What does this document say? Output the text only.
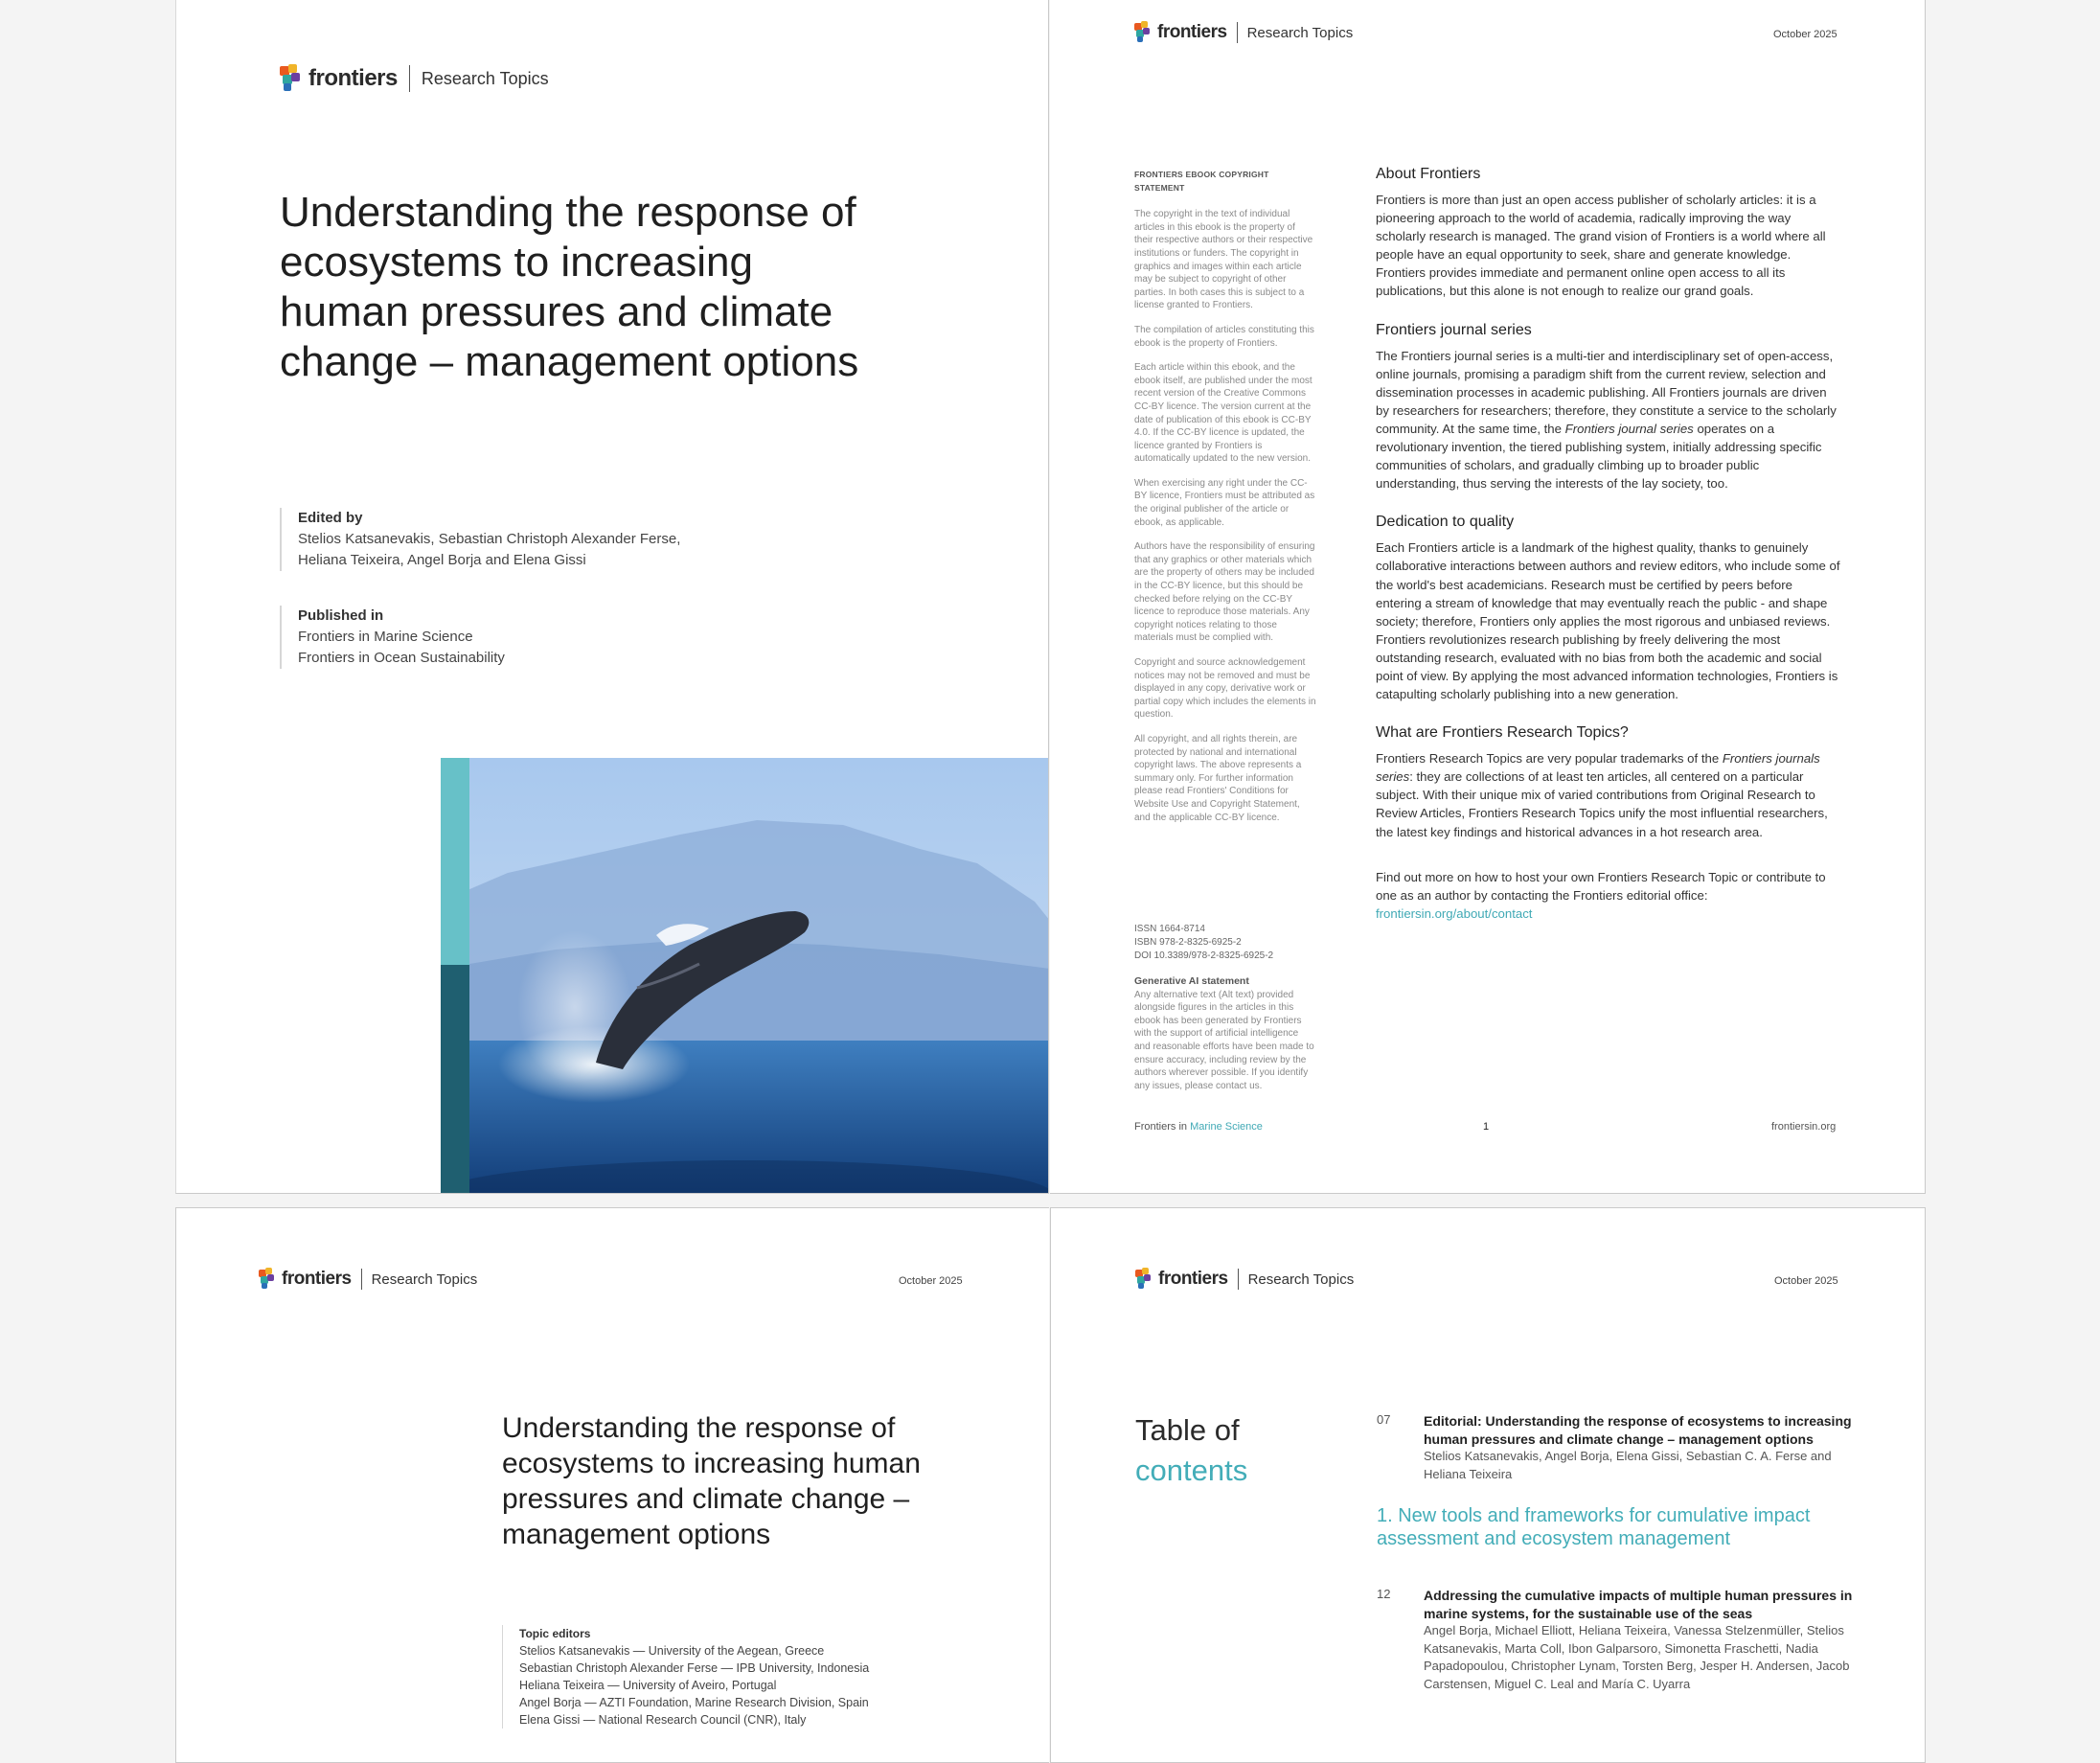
frontiers Research Topics
Understanding the response of ecosystems to increasing human pressures and climate change – management options
Edited by
Stelios Katsanevakis, Sebastian Christoph Alexander Ferse,
Heliana Teixeira, Angel Borja and Elena Gissi
Published in
Frontiers in Marine Science
Frontiers in Ocean Sustainability
frontiers Research Topics	October 2025
FRONTIERS EBOOK COPYRIGHT STATEMENT

The copyright in the text of individual articles in this ebook is the property of their respective authors or their respective institutions or funders. The copyright in graphics and images within each article may be subject to copyright of other parties. In both cases this is subject to a license granted to Frontiers.

The compilation of articles constituting this ebook is the property of Frontiers.

Each article within this ebook, and the ebook itself, are published under the most recent version of the Creative Commons CC-BY licence. The version current at the date of publication of this ebook is CC-BY 4.0. If the CC-BY licence is updated, the licence granted by Frontiers is automatically updated to the new version.

When exercising any right under the CC-BY licence, Frontiers must be attributed as the original publisher of the article or ebook, as applicable.

Authors have the responsibility of ensuring that any graphics or other materials which are the property of others may be included in the CC-BY licence, but this should be checked before relying on the CC-BY licence to reproduce those materials. Any copyright notices relating to those materials must be complied with.

Copyright and source acknowledgement notices may not be removed and must be displayed in any copy, derivative work or partial copy which includes the elements in question.

All copyright, and all rights therein, are protected by national and international copyright laws. The above represents a summary only. For further information please read Frontiers' Conditions for Website Use and Copyright Statement, and the applicable CC-BY licence.

ISSN 1664-8714
ISBN 978-2-8325-6925-2
DOI 10.3389/978-2-8325-6925-2
Generative AI statement
Any alternative text (Alt text) provided alongside figures in the articles in this ebook has been generated by Frontiers with the support of artificial intelligence and reasonable efforts have been made to ensure accuracy, including review by the authors wherever possible. If you identify any issues, please contact us.
About Frontiers

Frontiers is more than just an open access publisher of scholarly articles: it is a pioneering approach to the world of academia, radically improving the way scholarly research is managed. The grand vision of Frontiers is a world where all people have an equal opportunity to seek, share and generate knowledge. Frontiers provides immediate and permanent online open access to all its publications, but this alone is not enough to realize our grand goals.

Frontiers journal series

The Frontiers journal series is a multi-tier and interdisciplinary set of open-access, online journals, promising a paradigm shift from the current review, selection and dissemination processes in academic publishing. All Frontiers journals are driven by researchers for researchers; therefore, they constitute a service to the scholarly community. At the same time, the Frontiers journal series operates on a revolutionary invention, the tiered publishing system, initially addressing specific communities of scholars, and gradually climbing up to broader public understanding, thus serving the interests of the lay society, too.

Dedication to quality

Each Frontiers article is a landmark of the highest quality, thanks to genuinely collaborative interactions between authors and review editors, who include some of the world's best academicians. Research must be certified by peers before entering a stream of knowledge that may eventually reach the public - and shape society; therefore, Frontiers only applies the most rigorous and unbiased reviews. Frontiers revolutionizes research publishing by freely delivering the most outstanding research, evaluated with no bias from both the academic and social point of view. By applying the most advanced information technologies, Frontiers is catapulting scholarly publishing into a new generation.

What are Frontiers Research Topics?

Frontiers Research Topics are very popular trademarks of the Frontiers journals series: they are collections of at least ten articles, all centered on a particular subject. With their unique mix of varied contributions from Original Research to Review Articles, Frontiers Research Topics unify the most influential researchers, the latest key findings and historical advances in a hot research area.

Find out more on how to host your own Frontiers Research Topic or contribute to one as an author by contacting the Frontiers editorial office:

frontiersin.org/about/contact
Frontiers in Marine Science	1	frontiersin.org
frontiers Research Topics	October 2025
Understanding the response of ecosystems to increasing human pressures and climate change – management options
Topic editors
Stelios Katsanevakis — University of the Aegean, Greece
Sebastian Christoph Alexander Ferse — IPB University, Indonesia
Heliana Teixeira — University of Aveiro, Portugal
Angel Borja — AZTI Foundation, Marine Research Division, Spain
Elena Gissi — National Research Council (CNR), Italy
frontiers Research Topics	October 2025
Table of
contents
07 Editorial: Understanding the response of ecosystems to increasing human pressures and climate change – management options
Stelios Katsanevakis, Angel Borja, Elena Gissi, Sebastian C. A. Ferse and Heliana Teixeira
1. New tools and frameworks for cumulative impact assessment and ecosystem management
12 Addressing the cumulative impacts of multiple human pressures in marine systems, for the sustainable use of the seas
Angel Borja, Michael Elliott, Heliana Teixeira, Vanessa Stelzenmüller, Stelios Katsanevakis, Marta Coll, Ibon Galparsoro, Simonetta Fraschetti, Nadia Papadopoulou, Christopher Lynam, Torsten Berg, Jesper H. Andersen, Jacob Carstensen, Miguel C. Leal and María C. Uyarra
